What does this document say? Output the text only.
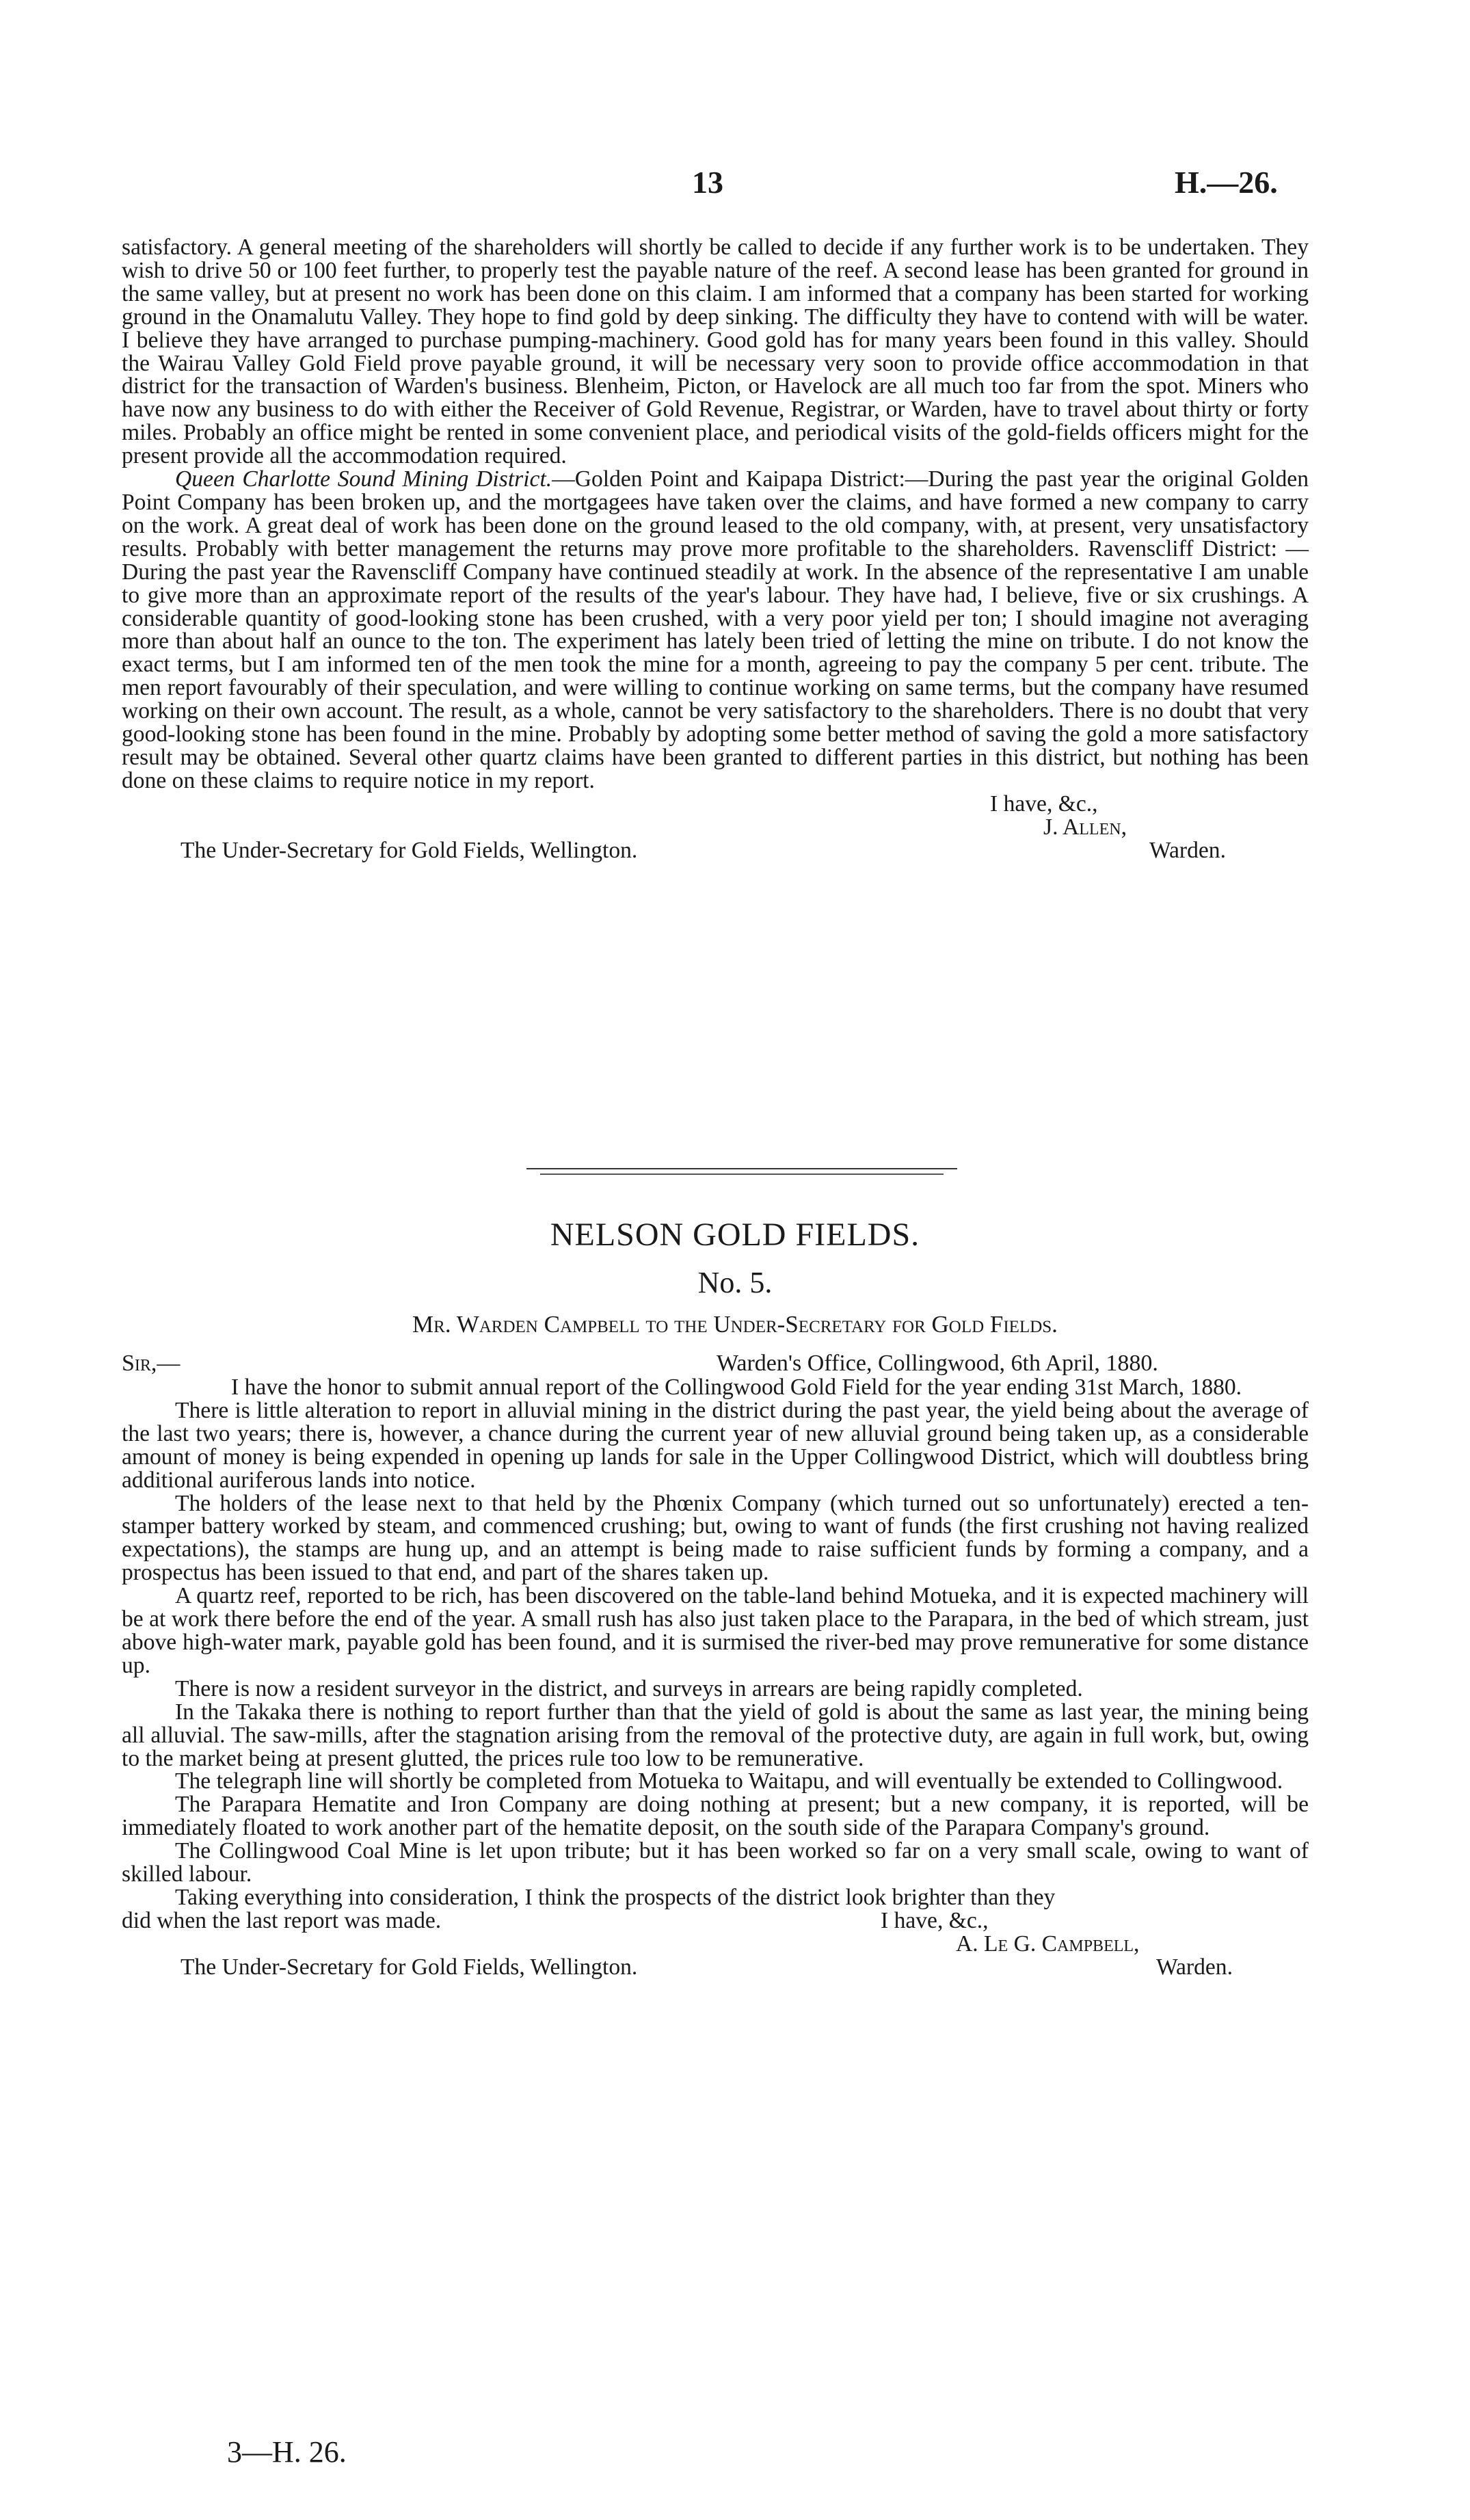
13	H.—26.

satisfactory. A general meeting of the shareholders will shortly be called to decide if any further work is to be undertaken. They wish to drive 50 or 100 feet further, to properly test the payable nature of the reef. A second lease has been granted for ground in the same valley, but at present no work has been done on this claim. I am informed that a company has been started for working ground in the Onamalutu Valley. They hope to find gold by deep sinking. The difficulty they have to contend with will be water. I believe they have arranged to purchase pumping-machinery. Good gold has for many years been found in this valley. Should the Wairau Valley Gold Field prove payable ground, it will be necessary very soon to provide office accommodation in that district for the transaction of Warden's business. Blenheim, Picton, or Havelock are all much too far from the spot. Miners who have now any business to do with either the Receiver of Gold Revenue, Registrar, or Warden, have to travel about thirty or forty miles. Probably an office might be rented in some convenient place, and periodical visits of the gold-fields officers might for the present provide all the accommodation required.

Queen Charlotte Sound Mining District.—Golden Point and Kaipapa District:—During the past year the original Golden Point Company has been broken up, and the mortgagees have taken over the claims, and have formed a new company to carry on the work. A great deal of work has been done on the ground leased to the old company, with, at present, very unsatisfactory results. Probably with better management the returns may prove more profitable to the shareholders. Ravenscliff District: —During the past year the Ravenscliff Company have continued steadily at work. In the absence of the representative I am unable to give more than an approximate report of the results of the year's labour. They have had, I believe, five or six crushings. A considerable quantity of good-looking stone has been crushed, with a very poor yield per ton; I should imagine not averaging more than about half an ounce to the ton. The experiment has lately been tried of letting the mine on tribute. I do not know the exact terms, but I am informed ten of the men took the mine for a month, agreeing to pay the company 5 per cent. tribute. The men report favourably of their speculation, and were willing to continue working on same terms, but the company have resumed working on their own account. The result, as a whole, cannot be very satisfactory to the shareholders. There is no doubt that very good-looking stone has been found in the mine. Probably by adopting some better method of saving the gold a more satisfactory result may be obtained. Several other quartz claims have been granted to different parties in this district, but nothing has been done on these claims to require notice in my report.

I have, &c.,
J. Allen,
The Under-Secretary for Gold Fields, Wellington.	Warden.
NELSON GOLD FIELDS.
No. 5.
Mr. Warden Campbell to the Under-Secretary for Gold Fields.
Sir,—	Warden's Office, Collingwood, 6th April, 1880.

I have the honor to submit annual report of the Collingwood Gold Field for the year ending 31st March, 1880.

There is little alteration to report in alluvial mining in the district during the past year, the yield being about the average of the last two years; there is, however, a chance during the current year of new alluvial ground being taken up, as a considerable amount of money is being expended in opening up lands for sale in the Upper Collingwood District, which will doubtless bring additional auriferous lands into notice.

The holders of the lease next to that held by the Phœnix Company (which turned out so unfortunately) erected a ten-stamper battery worked by steam, and commenced crushing; but, owing to want of funds (the first crushing not having realized expectations), the stamps are hung up, and an attempt is being made to raise sufficient funds by forming a company, and a prospectus has been issued to that end, and part of the shares taken up.

A quartz reef, reported to be rich, has been discovered on the table-land behind Motueka, and it is expected machinery will be at work there before the end of the year. A small rush has also just taken place to the Parapara, in the bed of which stream, just above high-water mark, payable gold has been found, and it is surmised the river-bed may prove remunerative for some distance up.

There is now a resident surveyor in the district, and surveys in arrears are being rapidly completed.

In the Takaka there is nothing to report further than that the yield of gold is about the same as last year, the mining being all alluvial. The saw-mills, after the stagnation arising from the removal of the protective duty, are again in full work, but, owing to the market being at present glutted, the prices rule too low to be remunerative.

The telegraph line will shortly be completed from Motueka to Waitapu, and will eventually be extended to Collingwood.

The Parapara Hematite and Iron Company are doing nothing at present; but a new company, it is reported, will be immediately floated to work another part of the hematite deposit, on the south side of the Parapara Company's ground.

The Collingwood Coal Mine is let upon tribute; but it has been worked so far on a very small scale, owing to want of skilled labour.

Taking everything into consideration, I think the prospects of the district look brighter than they

did when the last report was made.	I have, &c.,
A. Le G. Campbell,
The Under-Secretary for Gold Fields, Wellington.	Warden.
3—H. 26.
